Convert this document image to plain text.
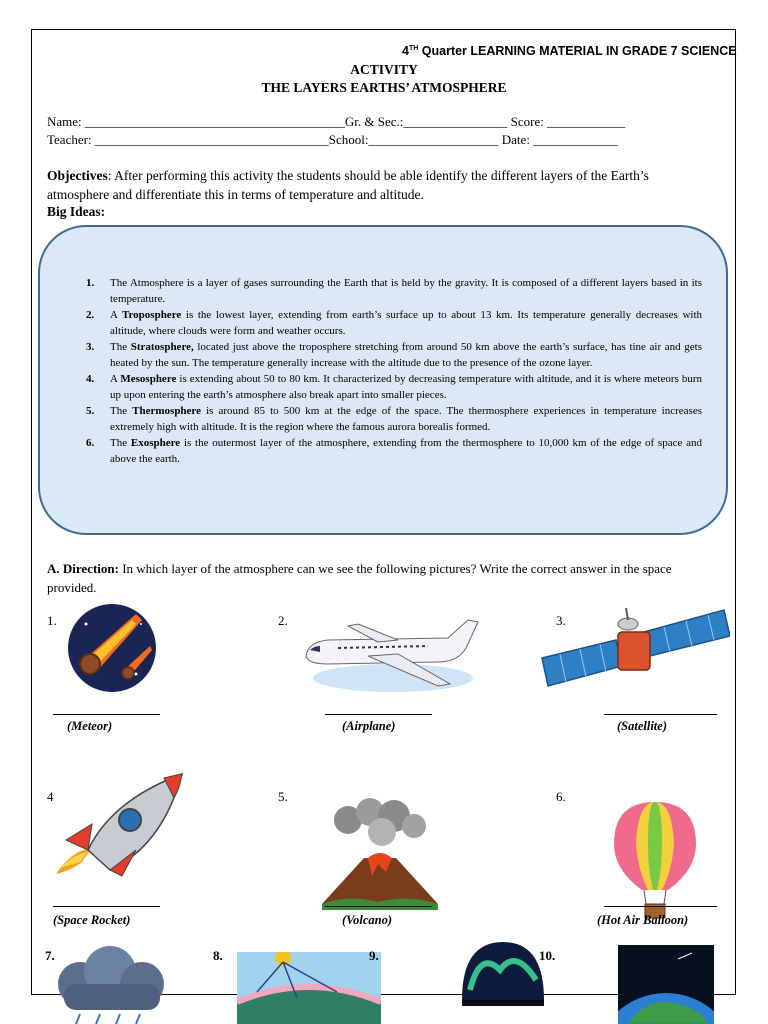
4TH Quarter LEARNING MATERIAL IN GRADE 7 SCIENCE
ACTIVITY
THE LAYERS EARTHS’ ATMOSPHERE
Name: ________________________________________Gr. & Sec.:________________ Score: ____________
Teacher: ____________________________________School:____________________ Date: _____________
Objectives: After performing this activity the students should be able identify the different layers of the Earth’s atmosphere and differentiate this in terms of temperature and altitude.
Big Ideas:
1. The Atmosphere is a layer of gases surrounding the Earth that is held by the gravity. It is composed of a different layers based in its temperature.
2. A Troposphere is the lowest layer, extending from earth’s surface up to about 13 km. Its temperature generally decreases with altitude, where clouds were form and weather occurs.
3. The Stratosphere, located just above the troposphere stretching from around 50 km above the earth’s surface, has tine air and gets heated by the sun. The temperature generally increase with the altitude due to the presence of the ozone layer.
4. A Mesosphere is extending about 50 to 80 km. It characterized by decreasing temperature with altitude, and it is where meteors burn up upon entering the earth’s atmosphere also break apart into smaller pieces.
5. The Thermosphere is around 85 to 500 km at the edge of the space. The thermosphere experiences in temperature increases extremely high with altitude. It is the region where the famous aurora borealis formed.
6. The Exosphere is the outermost layer of the atmosphere, extending from the thermosphere to 10,000 km of the edge of space and above the earth.
A. Direction: In which layer of the atmosphere can we see the following pictures? Write the correct answer in the space provided.
1.
(Meteor)
2.
(Airplane)
3.
(Satellite)
4
(Space Rocket)
5.
(Volcano)
6.
(Hot Air Balloon)
7.	8.	9.	10.
